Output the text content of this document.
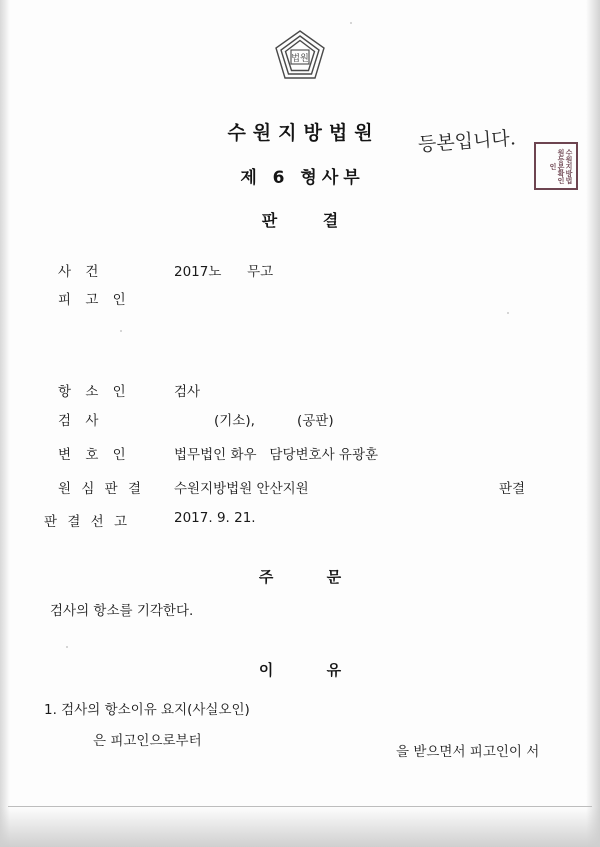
법원
수원지방법원
제 6 형사부
판 결
등본입니다.
수원지방법원등본확인인
사 건	2017노      무고
피 고 인
항 소 인	검사
검 사	(기소),	(공판)
변 호 인	법무법인 화우   담당변호사 유광훈
원 심 판 결	수원지방법원 안산지원	판결
판 결 선 고	2017. 9. 21.
주 문
검사의 항소를 기각한다.
이 유
1. 검사의 항소이유 요지(사실오인)
은 피고인으로부터
을 받으면서 피고인이 서
